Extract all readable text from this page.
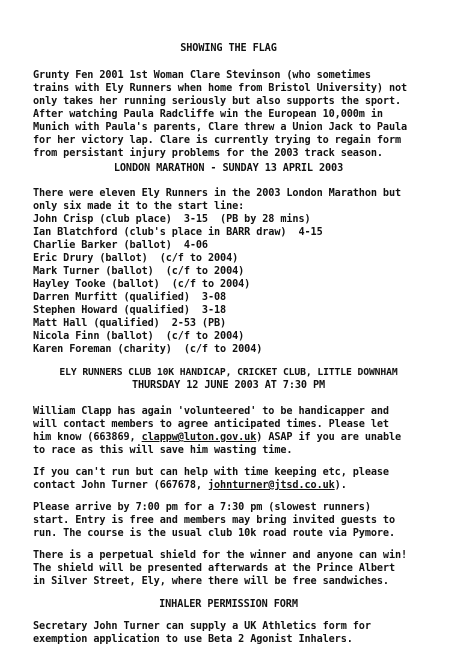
SHOWING THE FLAG
Grunty Fen 2001 1st Woman Clare Stevinson (who sometimes
trains with Ely Runners when home from Bristol University) not
only takes her running seriously but also supports the sport.
After watching Paula Radcliffe win the European 10,000m in
Munich with Paula's parents, Clare threw a Union Jack to Paula
for her victory lap. Clare is currently trying to regain form
from persistant injury problems for the 2003 track season.
LONDON MARATHON - SUNDAY 13 APRIL 2003
There were eleven Ely Runners in the 2003 London Marathon but
only six made it to the start line:
John Crisp (club place)  3-15  (PB by 28 mins)
Ian Blatchford (club's place in BARR draw)  4-15
Charlie Barker (ballot)  4-06
Eric Drury (ballot)  (c/f to 2004)
Mark Turner (ballot)  (c/f to 2004)
Hayley Tooke (ballot)  (c/f to 2004)
Darren Murfitt (qualified)  3-08
Stephen Howard (qualified)  3-18
Matt Hall (qualified)  2-53 (PB)
Nicola Finn (ballot)  (c/f to 2004)
Karen Foreman (charity)  (c/f to 2004)
ELY RUNNERS CLUB 10K HANDICAP, CRICKET CLUB, LITTLE DOWNHAM
THURSDAY 12 JUNE 2003 AT 7:30 PM
William Clapp has again 'volunteered' to be handicapper and
will contact members to agree anticipated times. Please let
him know (663869, clappw@luton.gov.uk) ASAP if you are unable
to race as this will save him wasting time.
If you can't run but can help with time keeping etc, please
contact John Turner (667678, johnturner@jtsd.co.uk).
Please arrive by 7:00 pm for a 7:30 pm (slowest runners)
start. Entry is free and members may bring invited guests to
run. The course is the usual club 10k road route via Pymore.
There is a perpetual shield for the winner and anyone can win!
The shield will be presented afterwards at the Prince Albert
in Silver Street, Ely, where there will be free sandwiches.
INHALER PERMISSION FORM
Secretary John Turner can supply a UK Athletics form for
exemption application to use Beta 2 Agonist Inhalers.
